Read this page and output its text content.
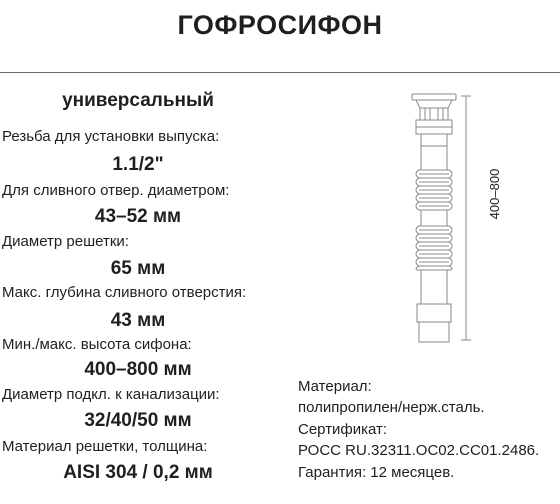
ГОФРОСИФОН
универсальный
Резьба для установки выпуска:
1.1/2"
Для сливного отвер. диаметром:
43–52 мм
Диаметр решетки:
65 мм
Макс. глубина сливного отверстия:
43 мм
Мин./макс. высота сифона:
400–800 мм
Диаметр подкл. к канализации:
32/40/50 мм
Материал решетки, толщина:
AISI 304 / 0,2 мм
Материал:
полипропилен/нерж.сталь.
Сертификат:
РОСС RU.32311.ОС02.СС01.2486.
Гарантия: 12 месяцев.
400–800
